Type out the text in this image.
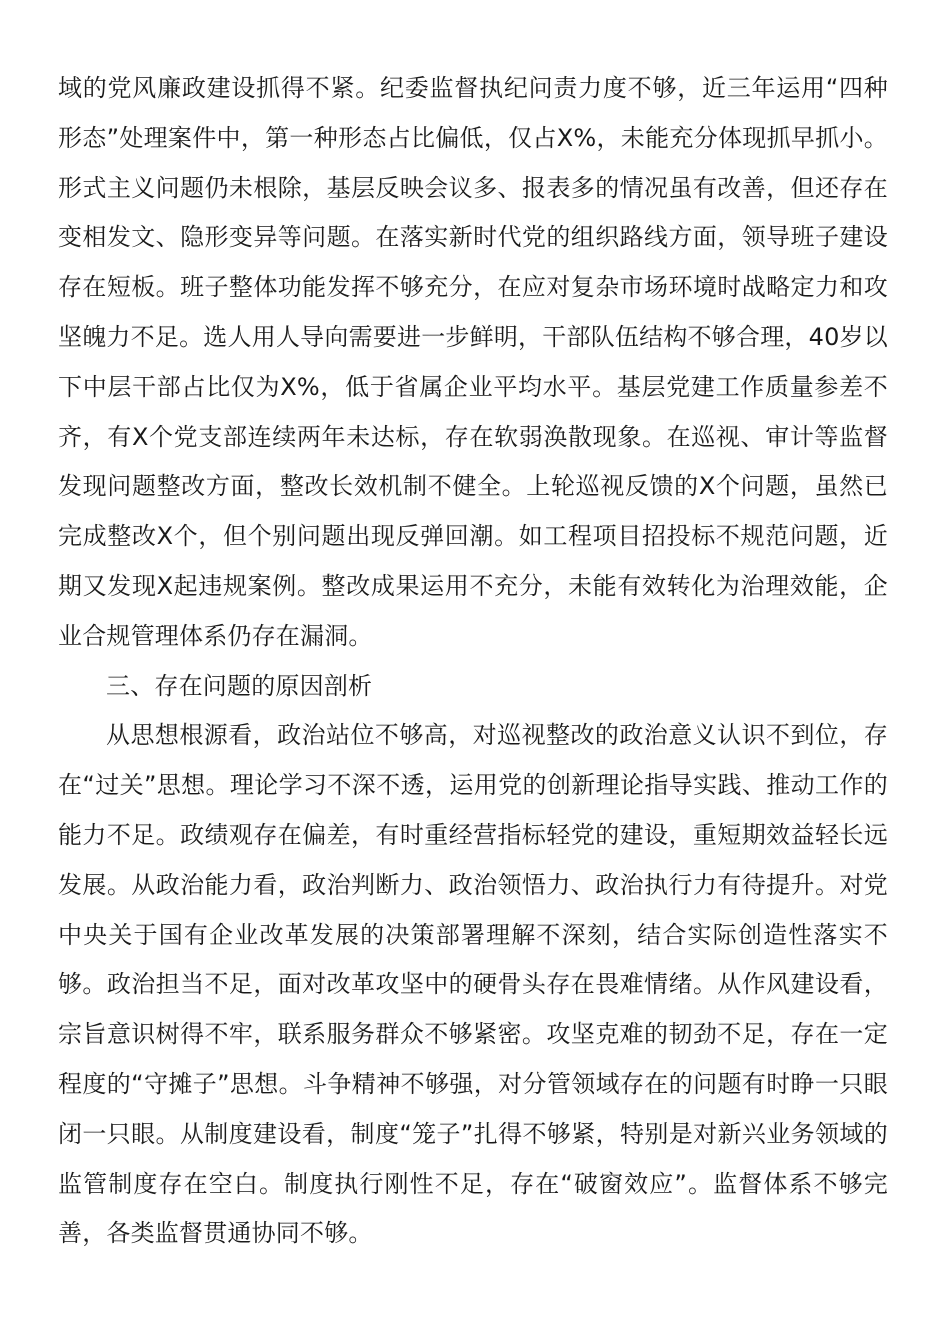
域的党风廉政建设抓得不紧。纪委监督执纪问责力度不够，近三年运用“四种形态”处理案件中，第一种形态占比偏低，仅占X%，未能充分体现抓早抓小。形式主义问题仍未根除，基层反映会议多、报表多的情况虽有改善，但还存在变相发文、隐形变异等问题。在落实新时代党的组织路线方面，领导班子建设存在短板。班子整体功能发挥不够充分，在应对复杂市场环境时战略定力和攻坚魄力不足。选人用人导向需要进一步鲜明，干部队伍结构不够合理，40岁以下中层干部占比仅为X%，低于省属企业平均水平。基层党建工作质量参差不齐，有X个党支部连续两年未达标，存在软弱涣散现象。在巡视、审计等监督发现问题整改方面，整改长效机制不健全。上轮巡视反馈的X个问题，虽然已完成整改X个，但个别问题出现反弹回潮。如工程项目招投标不规范问题，近期又发现X起违规案例。整改成果运用不充分，未能有效转化为治理效能，企业合规管理体系仍存在漏洞。

三、存在问题的原因剖析

从思想根源看，政治站位不够高，对巡视整改的政治意义认识不到位，存在“过关”思想。理论学习不深不透，运用党的创新理论指导实践、推动工作的能力不足。政绩观存在偏差，有时重经营指标轻党的建设，重短期效益轻长远发展。从政治能力看，政治判断力、政治领悟力、政治执行力有待提升。对党中央关于国有企业改革发展的决策部署理解不深刻，结合实际创造性落实不够。政治担当不足，面对改革攻坚中的硬骨头存在畏难情绪。从作风建设看，宗旨意识树得不牢，联系服务群众不够紧密。攻坚克难的韧劲不足，存在一定程度的“守摊子”思想。斗争精神不够强，对分管领域存在的问题有时睁一只眼闭一只眼。从制度建设看，制度“笼子”扎得不够紧，特别是对新兴业务领域的监管制度存在空白。制度执行刚性不足，存在“破窗效应”。监督体系不够完善，各类监督贯通协同不够。
